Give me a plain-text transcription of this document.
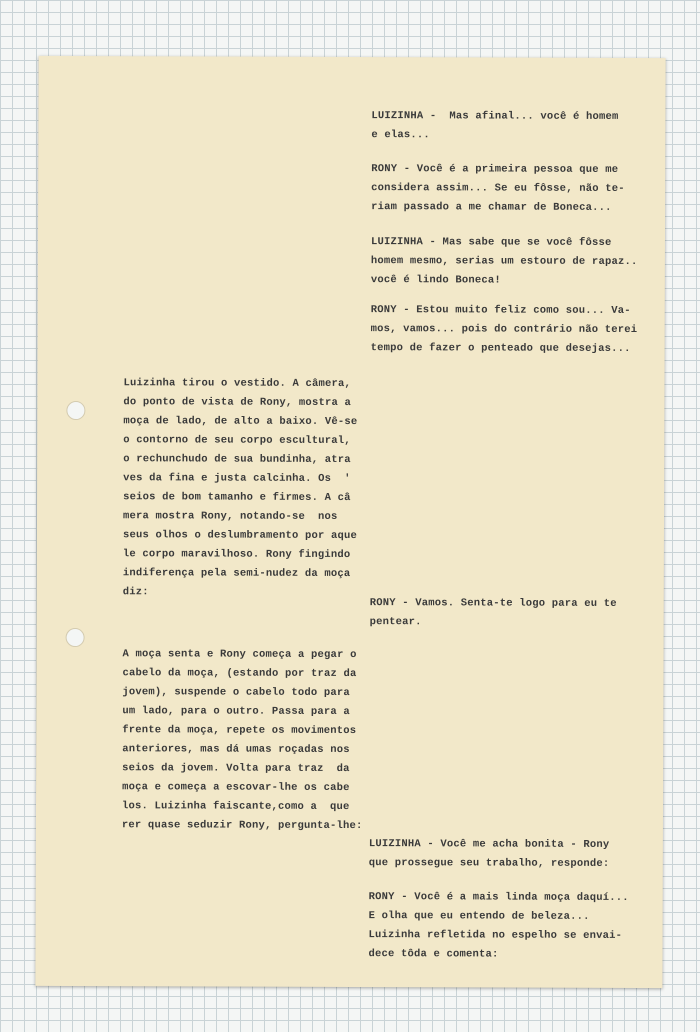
LUIZINHA -  Mas afinal... você é homem
e elas...
RONY - Você é a primeira pessoa que me
considera assim... Se eu fôsse, não te-
riam passado a me chamar de Boneca...
LUIZINHA - Mas sabe que se você fôsse
homem mesmo, serias um estouro de rapaz..
você é lindo Boneca!
RONY - Estou muito feliz como sou... Va-
mos, vamos... pois do contrário não terei
tempo de fazer o penteado que desejas...
Luizinha tirou o vestido. A câmera,
do ponto de vista de Rony, mostra a
moça de lado, de alto a baixo. Vê-se
o contorno de seu corpo escultural,
o rechunchudo de sua bundinha, atra
ves da fina e justa calcinha. Os  '
seios de bom tamanho e firmes. A câ
mera mostra Rony, notando-se  nos
seus olhos o deslumbramento por aque
le corpo maravilhoso. Rony fingindo
indiferença pela semi-nudez da moça
diz:
RONY - Vamos. Senta-te logo para eu te
pentear.
A moça senta e Rony começa a pegar o
cabelo da moça, (estando por traz da
jovem), suspende o cabelo todo para
um lado, para o outro. Passa para a
frente da moça, repete os movimentos
anteriores, mas dá umas roçadas nos
seios da jovem. Volta para traz  da
moça e começa a escovar-lhe os cabe
los. Luizinha faiscante,como a  que
rer quase seduzir Rony, pergunta-lhe:
LUIZINHA - Você me acha bonita - Rony
que prossegue seu trabalho, responde:
RONY - Você é a mais linda moça daquí...
E olha que eu entendo de beleza...
Luizinha refletida no espelho se envai-
dece tôda e comenta:
